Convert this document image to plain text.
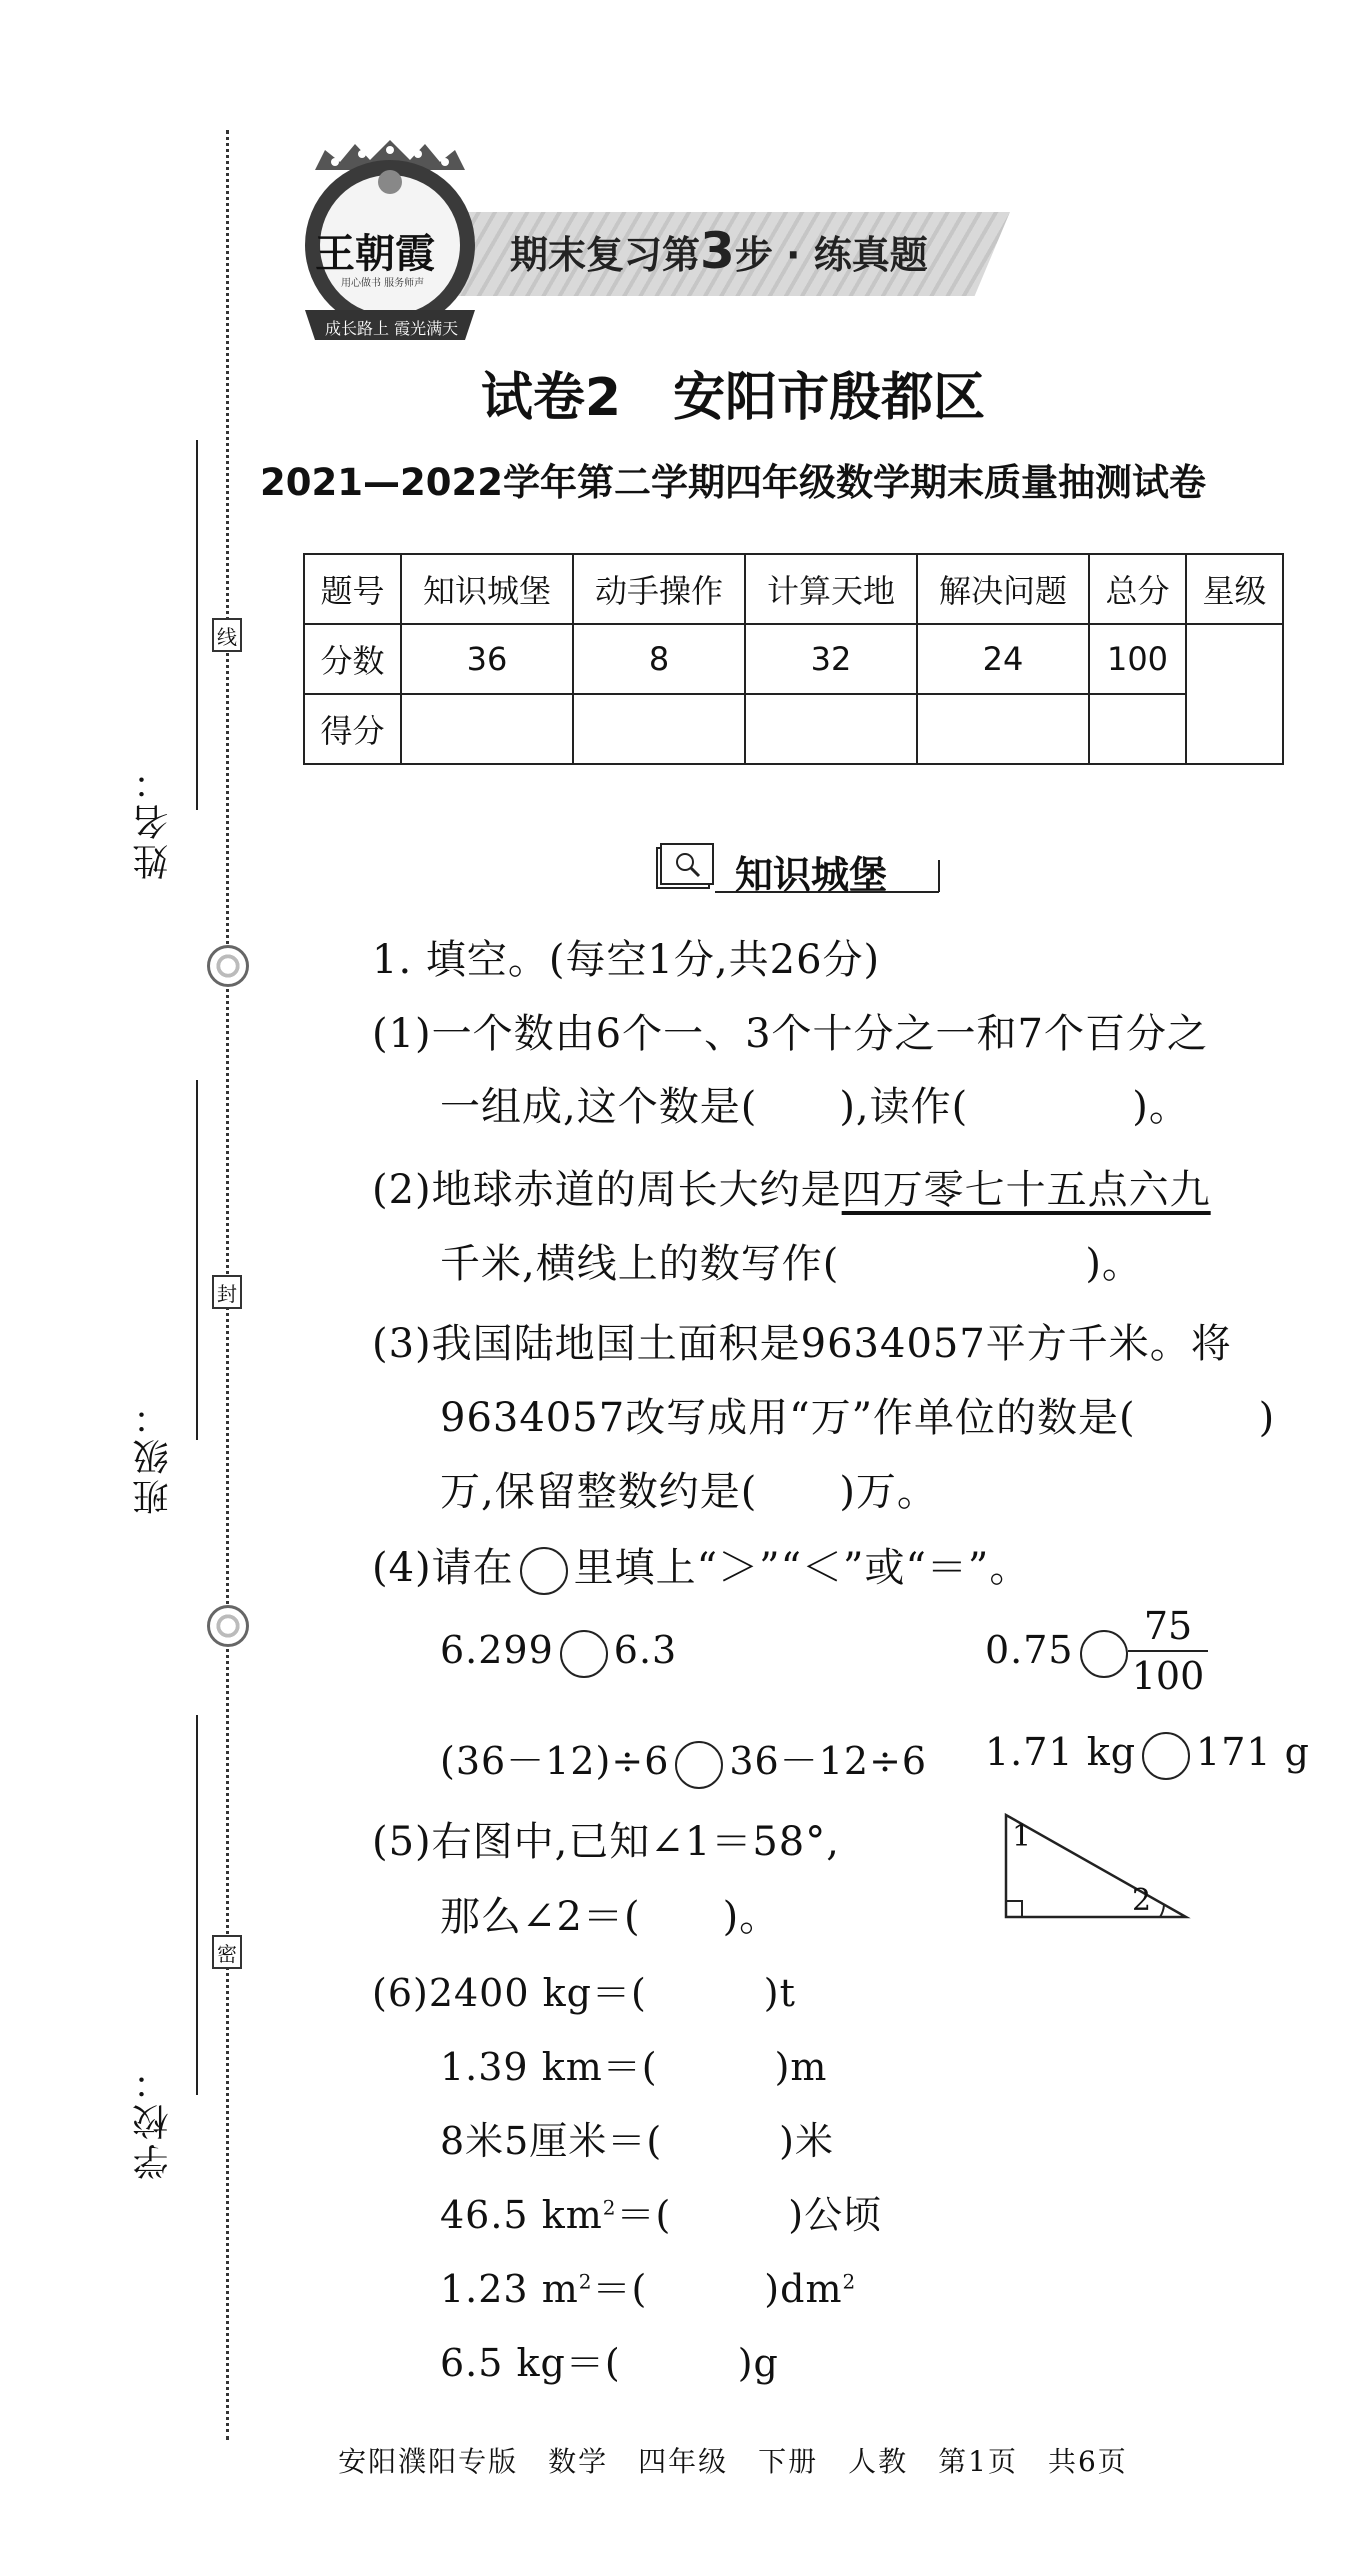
姓名：
线
班级：
封
学校：
密
期末复习第3步 · 练真题
王朝霞
用心做书 服务师声
成长路上 霞光满天
试卷2　安阳市殷都区
2021—2022学年第二学期四年级数学期末质量抽测试卷
题号	知识城堡	动手操作	计算天地	解决问题	总分	星级
分数	36	8	32	24	100	
得分						
知识城堡
1. 填空。(每空1分,共26分)
(1)一个数由6个一、3个十分之一和7个百分之
一组成,这个数是(　　),读作(　　　　)。
(2)地球赤道的周长大约是四万零七十五点六九
千米,横线上的数写作(　　　　　　)。
(3)我国陆地国土面积是9634057平方千米。将
9634057改写成用“万”作单位的数是(　　　)
万,保留整数约是(　　)万。
(4)请在 里填上“＞”“＜”或“＝”。
6.299 6.3	0.75
75
100
(36－12)÷6 36－12÷6 1.71 kg 171 g
(5)右图中,已知∠1＝58°,
那么∠2＝(　　)。
1
2
(6)2400 kg＝(　　　)t
1.39 km＝(　　　)m
8米5厘米＝(　　　)米
46.5 $km^2=$(　　　)公顷
1.23 $m^2=$(　　　)$dm^2$
6.5 kg＝(　　　)g
安阳濮阳专版　数学　四年级　下册　人教　第1页　共6页
